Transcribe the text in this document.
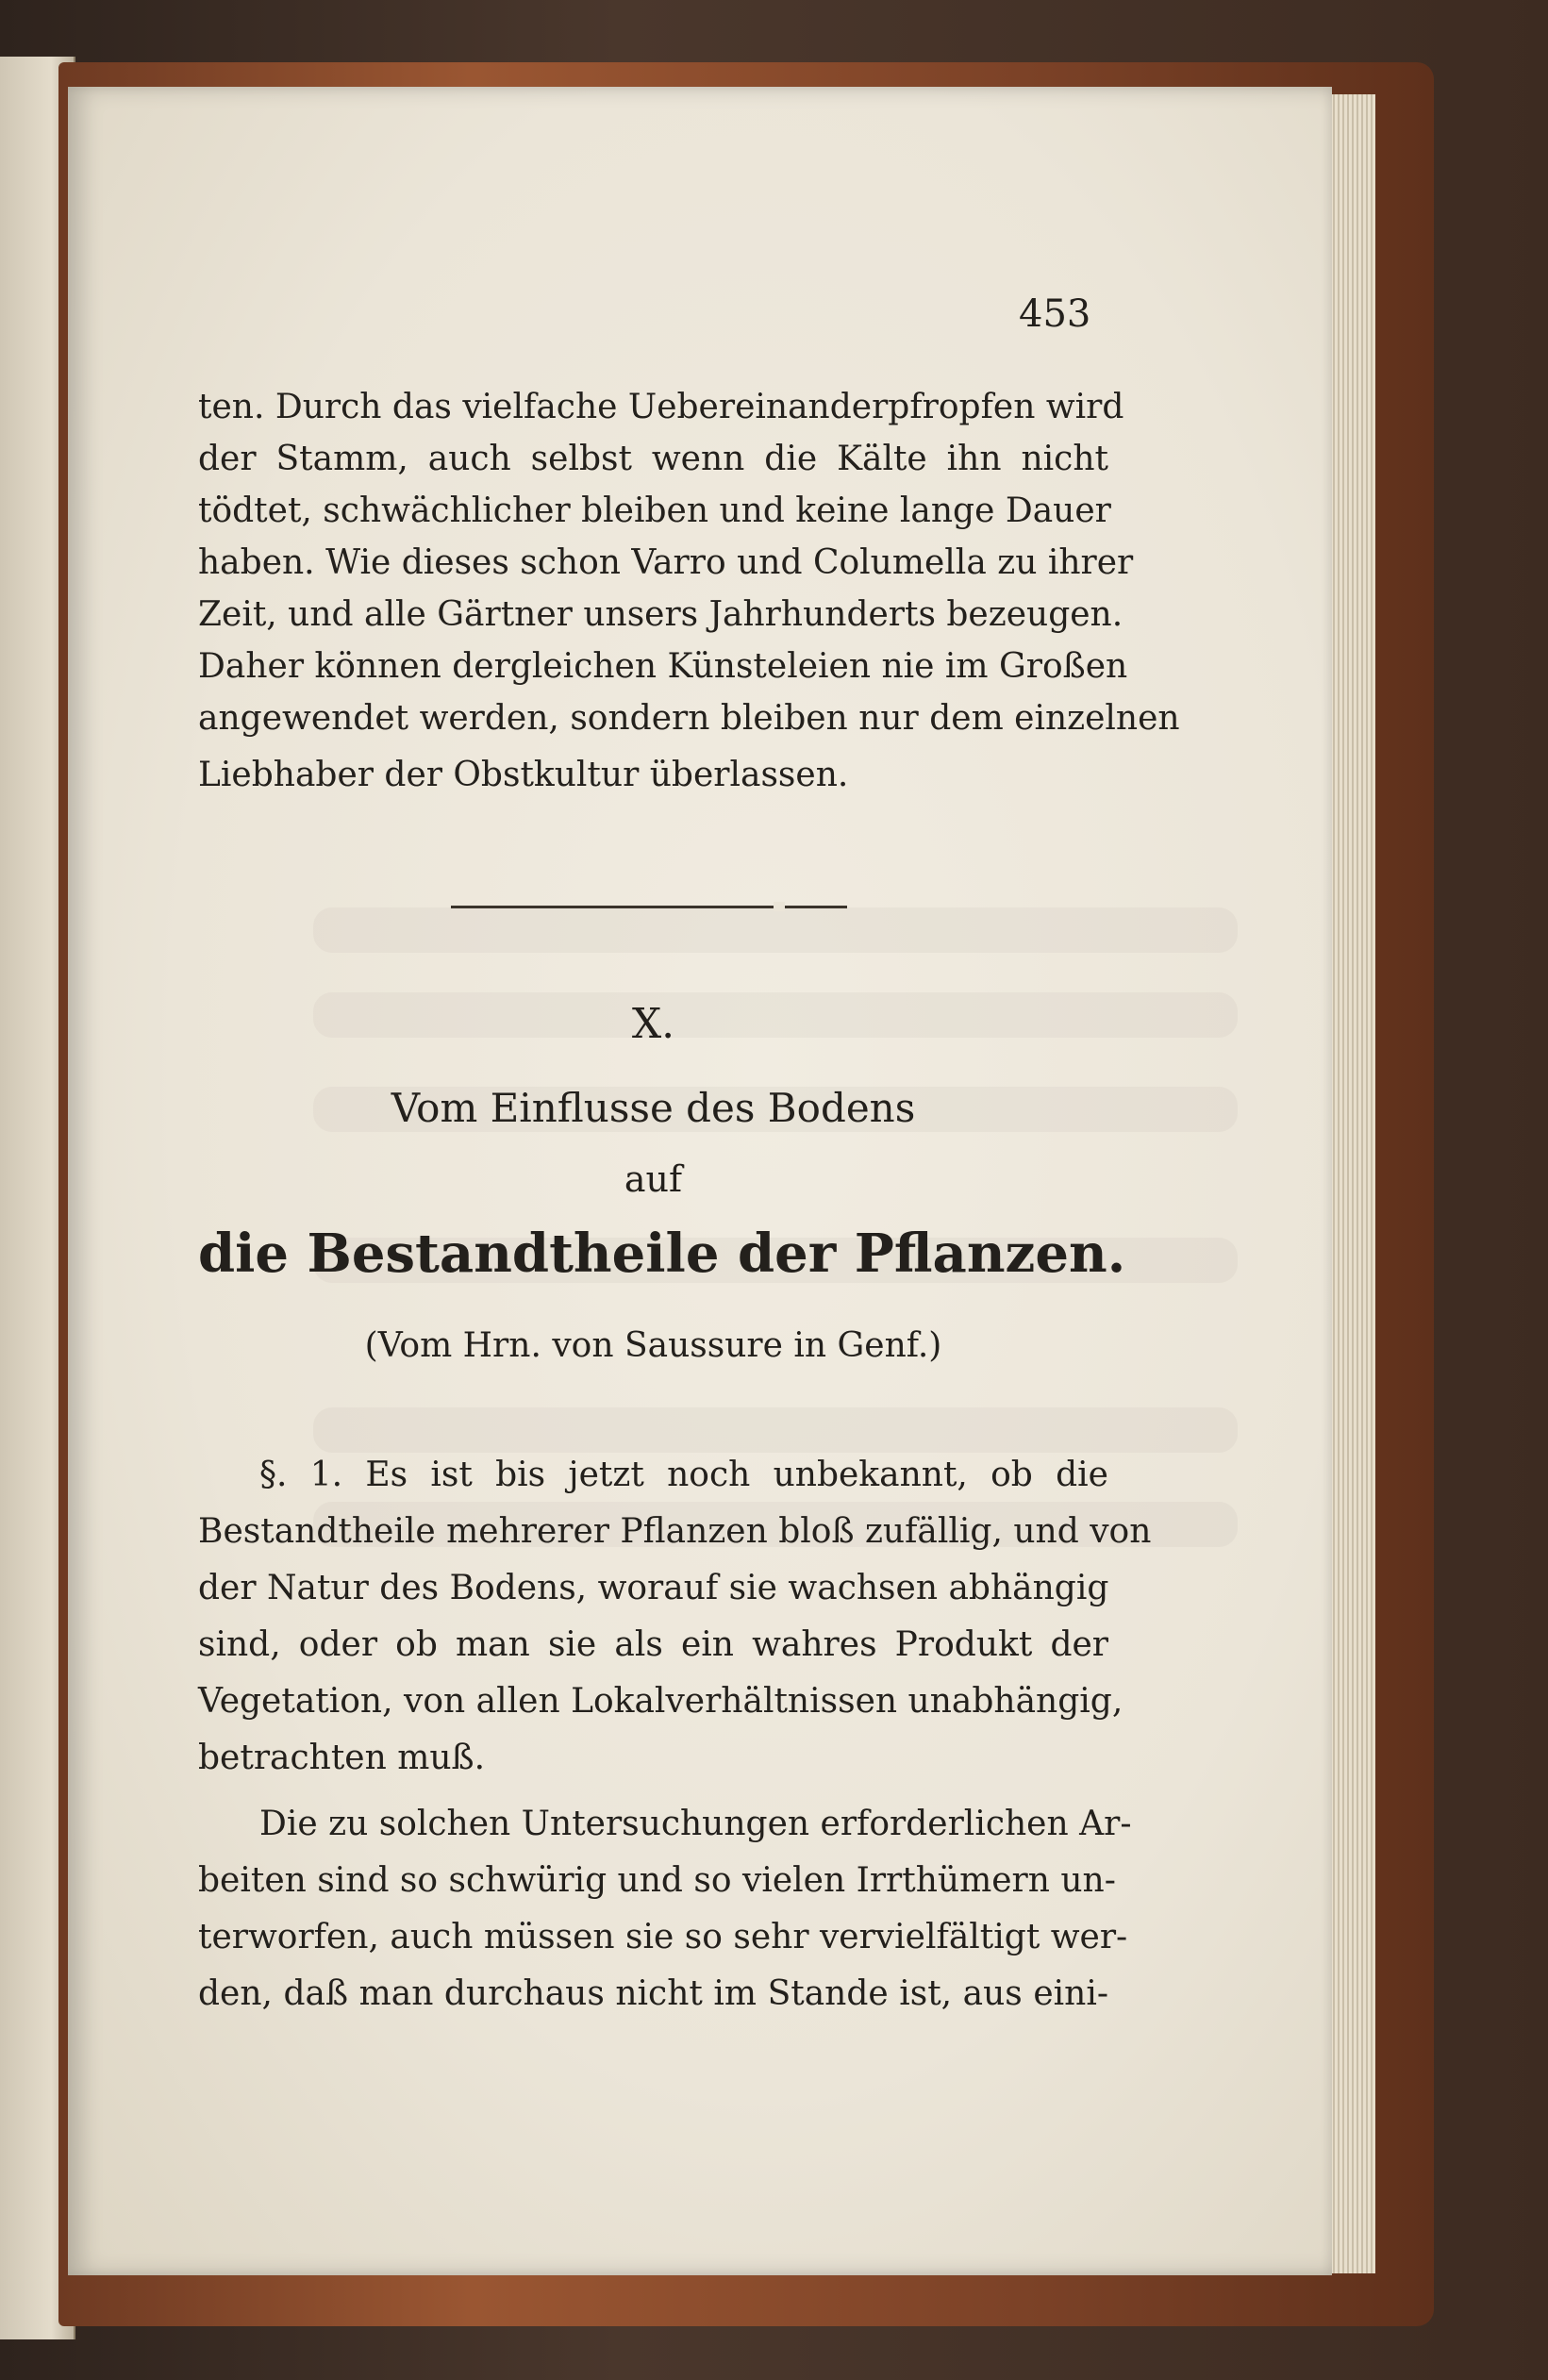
453
ten. Durch das vielfache Uebereinanderpfropfen wird
der Stamm, auch selbst wenn die Kälte ihn nicht
tödtet, schwächlicher bleiben und keine lange Dauer
haben. Wie dieses schon Varro und Columella zu ihrer
Zeit, und alle Gärtner unsers Jahrhunderts bezeugen.
Daher können dergleichen Künsteleien nie im Großen
angewendet werden, sondern bleiben nur dem einzelnen
Liebhaber der Obstkultur überlassen.
X.
Vom Einflusse des Bodens
auf
die Bestandtheile der Pflanzen.
(Vom Hrn. von Saussure in Genf.)
§. 1. Es ist bis jetzt noch unbekannt, ob die
Bestandtheile mehrerer Pflanzen bloß zufällig, und von
der Natur des Bodens, worauf sie wachsen abhängig
sind, oder ob man sie als ein wahres Produkt der
Vegetation, von allen Lokalverhältnissen unabhängig,
betrachten muß.
Die zu solchen Untersuchungen erforderlichen Ar-
beiten sind so schwürig und so vielen Irrthümern un-
terworfen, auch müssen sie so sehr vervielfältigt wer-
den, daß man durchaus nicht im Stande ist, aus eini-
